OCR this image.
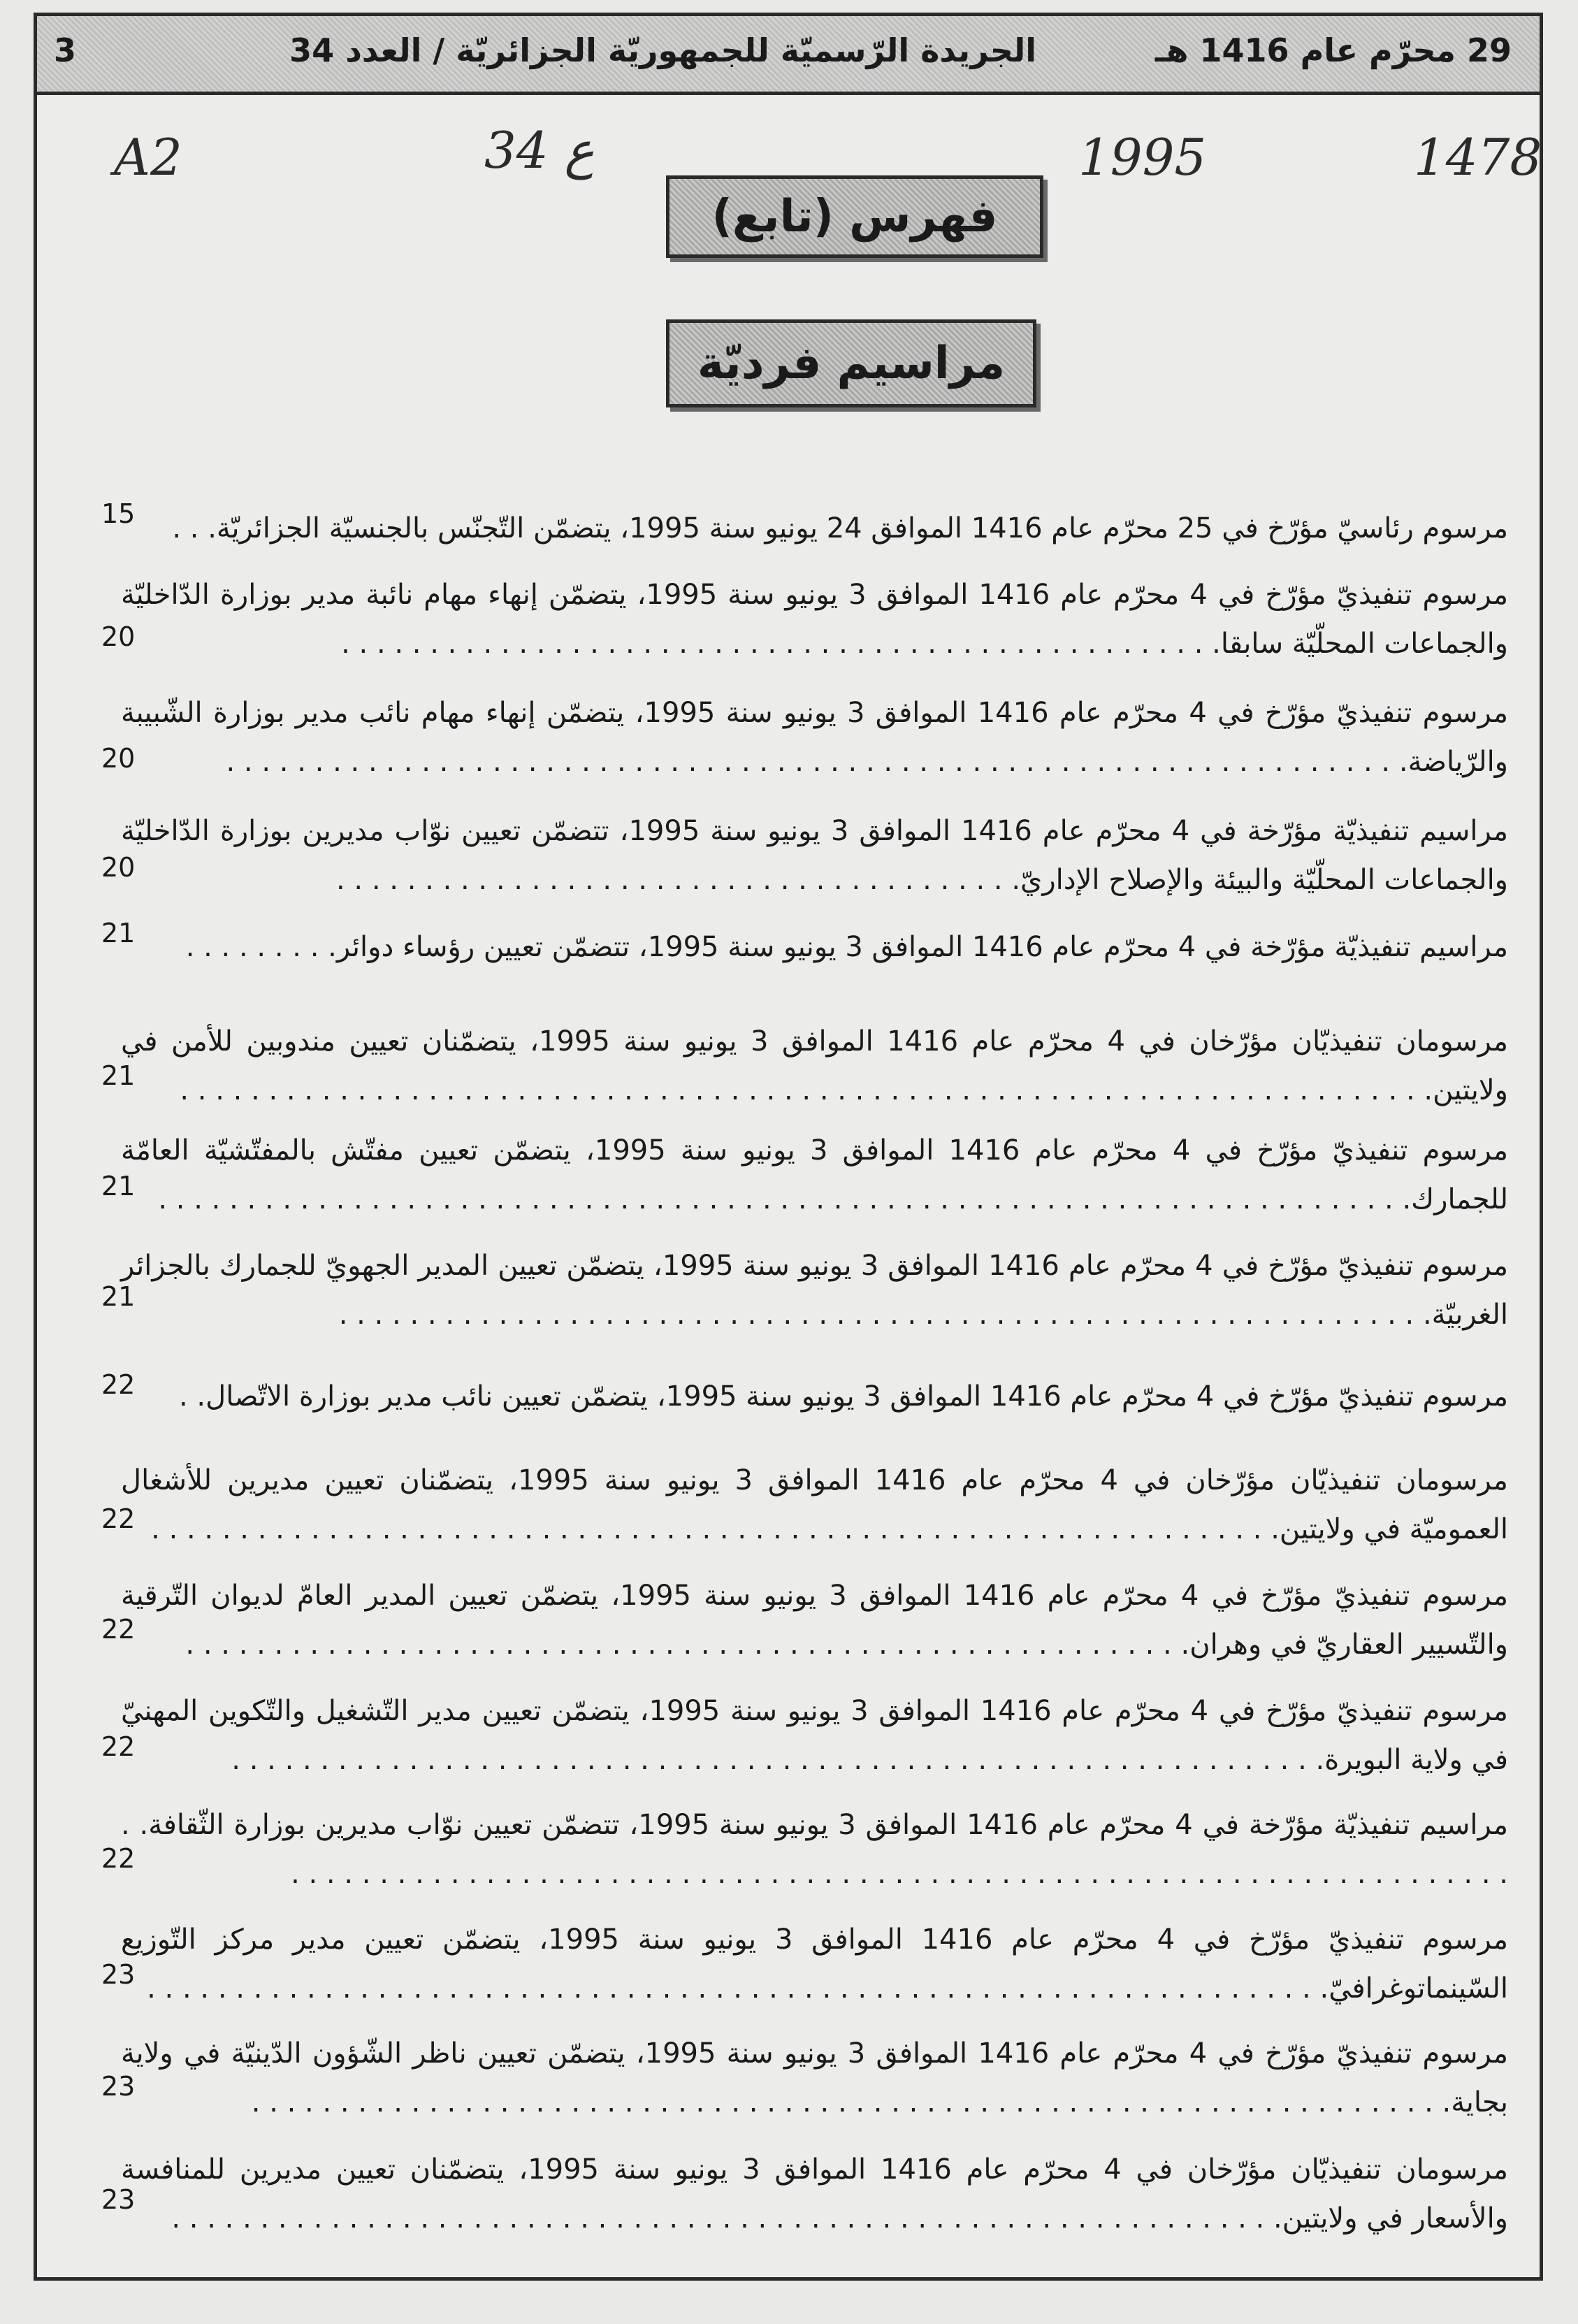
29 محرّم عام 1416 هـ
الجريدة الرّسميّة للجمهوريّة الجزائريّة / العدد 34
3
A2	34 ع	1995	1478
فهرس (تابع)
مراسيم فرديّة
مرسوم رئاسيّ مؤرّخ في 25 محرّم عام 1416 الموافق 24 يونيو سنة 1995، يتضمّن التّجنّس بالجنسيّة الجزائريّة. . .
15
مرسوم تنفيذيّ مؤرّخ في 4 محرّم عام 1416 الموافق 3 يونيو سنة 1995، يتضمّن إنهاء مهام نائبة مدير بوزارة الدّاخليّة والجماعات المحلّيّة سابقا. . . . . . . . . . . . . . . . . . . . . . . . . . . . . . . . . . . . . . . . . . . . . . . . . .
20
مرسوم تنفيذيّ مؤرّخ في 4 محرّم عام 1416 الموافق 3 يونيو سنة 1995، يتضمّن إنهاء مهام نائب مدير بوزارة الشّبيبة والرّياضة. . . . . . . . . . . . . . . . . . . . . . . . . . . . . . . . . . . . . . . . . . . . . . . . . . . . . . . . . . . . . . . . . . .
20
مراسيم تنفيذيّة مؤرّخة في 4 محرّم عام 1416 الموافق 3 يونيو سنة 1995، تتضمّن تعيين نوّاب مديرين بوزارة الدّاخليّة والجماعات المحلّيّة والبيئة والإصلاح الإداريّ. . . . . . . . . . . . . . . . . . . . . . . . . . . . . . . . . . . . . . .
20
مراسيم تنفيذيّة مؤرّخة في 4 محرّم عام 1416 الموافق 3 يونيو سنة 1995، تتضمّن تعيين رؤساء دوائر. . . . . . . . .
21
مرسومان تنفيذيّان مؤرّخان في 4 محرّم عام 1416 الموافق 3 يونيو سنة 1995، يتضمّنان تعيين مندوبين للأمن في ولايتين. . . . . . . . . . . . . . . . . . . . . . . . . . . . . . . . . . . . . . . . . . . . . . . . . . . . . . . . . . . . . . . . . . . . . . .
21
مرسوم تنفيذيّ مؤرّخ في 4 محرّم عام 1416 الموافق 3 يونيو سنة 1995، يتضمّن تعيين مفتّش بالمفتّشيّة العامّة للجمارك. . . . . . . . . . . . . . . . . . . . . . . . . . . . . . . . . . . . . . . . . . . . . . . . . . . . . . . . . . . . . . . . . . . . . . .
21
مرسوم تنفيذيّ مؤرّخ في 4 محرّم عام 1416 الموافق 3 يونيو سنة 1995، يتضمّن تعيين المدير الجهويّ للجمارك بالجزائر الغربيّة. . . . . . . . . . . . . . . . . . . . . . . . . . . . . . . . . . . . . . . . . . . . . . . . . . . . . . . . . . . . . .
21
مرسوم تنفيذيّ مؤرّخ في 4 محرّم عام 1416 الموافق 3 يونيو سنة 1995، يتضمّن تعيين نائب مدير بوزارة الاتّصال. .
22
مرسومان تنفيذيّان مؤرّخان في 4 محرّم عام 1416 الموافق 3 يونيو سنة 1995، يتضمّنان تعيين مديرين للأشغال العموميّة في ولايتين. . . . . . . . . . . . . . . . . . . . . . . . . . . . . . . . . . . . . . . . . . . . . . . . . . . . . . . . . . . . . . . .
22
مرسوم تنفيذيّ مؤرّخ في 4 محرّم عام 1416 الموافق 3 يونيو سنة 1995، يتضمّن تعيين المدير العامّ لديوان التّرقية والتّسيير العقاريّ في وهران. . . . . . . . . . . . . . . . . . . . . . . . . . . . . . . . . . . . . . . . . . . . . . . . . . . . . . . . .
22
مرسوم تنفيذيّ مؤرّخ في 4 محرّم عام 1416 الموافق 3 يونيو سنة 1995، يتضمّن تعيين مدير التّشغيل والتّكوين المهنيّ في ولاية البويرة. . . . . . . . . . . . . . . . . . . . . . . . . . . . . . . . . . . . . . . . . . . . . . . . . . . . . . . . . . . . . .
22
مراسيم تنفيذيّة مؤرّخة في 4 محرّم عام 1416 الموافق 3 يونيو سنة 1995، تتضمّن تعيين نوّاب مديرين بوزارة الثّقافة. . . . . . . . . . . . . . . . . . . . . . . . . . . . . . . . . . . . . . . . . . . . . . . . . . . . . . . . . . . . . . . . . . . . . . .
22
مرسوم تنفيذيّ مؤرّخ في 4 محرّم عام 1416 الموافق 3 يونيو سنة 1995، يتضمّن تعيين مدير مركز التّوزيع السّينماتوغرافيّ. . . . . . . . . . . . . . . . . . . . . . . . . . . . . . . . . . . . . . . . . . . . . . . . . . . . . . . . . . . . . . . . . . .
23
مرسوم تنفيذيّ مؤرّخ في 4 محرّم عام 1416 الموافق 3 يونيو سنة 1995، يتضمّن تعيين ناظر الشّؤون الدّينيّة في ولاية بجاية. . . . . . . . . . . . . . . . . . . . . . . . . . . . . . . . . . . . . . . . . . . . . . . . . . . . . . . . . . . . . . . . . . . .
23
مرسومان تنفيذيّان مؤرّخان في 4 محرّم عام 1416 الموافق 3 يونيو سنة 1995، يتضمّنان تعيين مديرين للمنافسة والأسعار في ولايتين. . . . . . . . . . . . . . . . . . . . . . . . . . . . . . . . . . . . . . . . . . . . . . . . . . . . . . . . . . . . . . .
23
